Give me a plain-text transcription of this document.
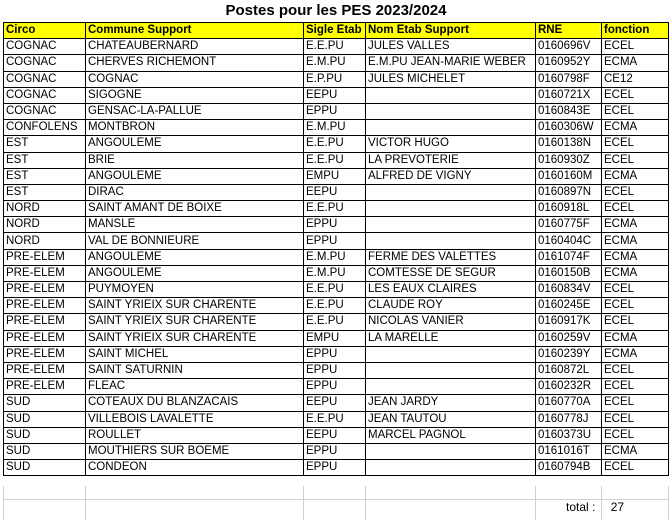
Postes pour les PES 2023/2024
Circo	Commune Support	Sigle Etab	Nom Etab Support	RNE	fonction
COGNAC	CHATEAUBERNARD	E.E.PU	JULES VALLES	0160696V	ECEL
COGNAC	CHERVES RICHEMONT	E.M.PU	E.M.PU JEAN-MARIE WEBER	0160952Y	ECMA
COGNAC	COGNAC	E.P.PU	JULES MICHELET	0160798F	CE12
COGNAC	SIGOGNE	EEPU		0160721X	ECEL
COGNAC	GENSAC-LA-PALLUE	EPPU		0160843E	ECEL
CONFOLENS	MONTBRON	E.M.PU		0160306W	ECMA
EST	ANGOULEME	E.E.PU	VICTOR HUGO	0160138N	ECEL
EST	BRIE	E.E.PU	LA PREVOTERIE	0160930Z	ECEL
EST	ANGOULEME	EMPU	ALFRED DE VIGNY	0160160M	ECMA
EST	DIRAC	EEPU		0160897N	ECEL
NORD	SAINT AMANT DE BOIXE	E.E.PU		0160918L	ECEL
NORD	MANSLE	EPPU		0160775F	ECMA
NORD	VAL DE BONNIEURE	EPPU		0160404C	ECMA
PRE-ELEM	ANGOULEME	E.M.PU	FERME DES VALETTES	0161074F	ECMA
PRE-ELEM	ANGOULEME	E.M.PU	COMTESSE DE SEGUR	0160150B	ECMA
PRE-ELEM	PUYMOYEN	E.E.PU	LES EAUX CLAIRES	0160834V	ECEL
PRE-ELEM	SAINT YRIEIX SUR CHARENTE	E.E.PU	CLAUDE ROY	0160245E	ECEL
PRE-ELEM	SAINT YRIEIX SUR CHARENTE	E.E.PU	NICOLAS VANIER	0160917K	ECEL
PRE-ELEM	SAINT YRIEIX SUR CHARENTE	EMPU	LA MARELLE	0160259V	ECMA
PRE-ELEM	SAINT MICHEL	EPPU		0160239Y	ECMA
PRE-ELEM	SAINT SATURNIN	EPPU		0160872L	ECEL
PRE-ELEM	FLEAC	EPPU		0160232R	ECEL
SUD	COTEAUX DU BLANZACAIS	EEPU	JEAN JARDY	0160770A	ECEL
SUD	VILLEBOIS LAVALETTE	E.E.PU	JEAN TAUTOU	0160778J	ECEL
SUD	ROULLET	EEPU	MARCEL PAGNOL	0160373U	ECEL
SUD	MOUTHIERS SUR BOEME	EPPU		0161016T	ECMA
SUD	CONDEON	EPPU		0160794B	ECEL
total : 27
